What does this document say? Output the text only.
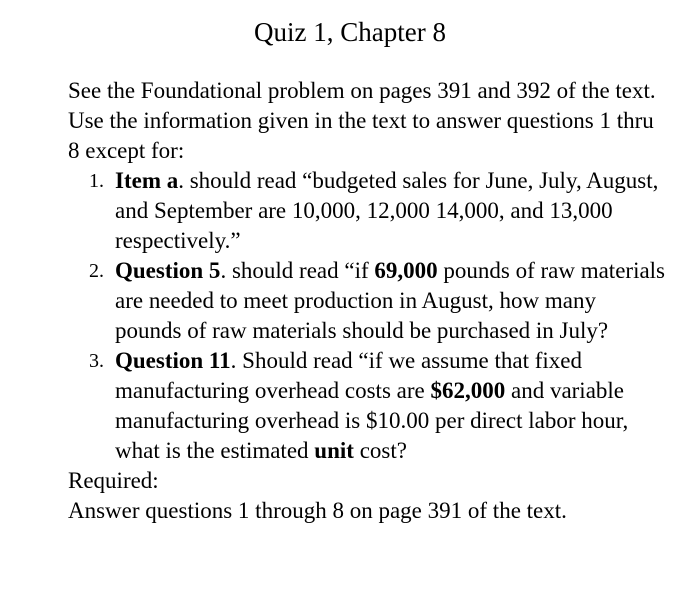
Quiz 1, Chapter 8

See the Foundational problem on pages 391 and 392 of the text. Use the information given in the text to answer questions 1 thru 8 except for:

1. Item a. should read “budgeted sales for June, July, August, and September are 10,000, 12,000 14,000, and 13,000 respectively.”
2. Question 5. should read “if 69,000 pounds of raw materials are needed to meet production in August, how many pounds of raw materials should be purchased in July?
3. Question 11. Should read “if we assume that fixed manufacturing overhead costs are $62,000 and variable manufacturing overhead is $10.00 per direct labor hour, what is the estimated unit cost?

Required:

Answer questions 1 through 8 on page 391 of the text.
